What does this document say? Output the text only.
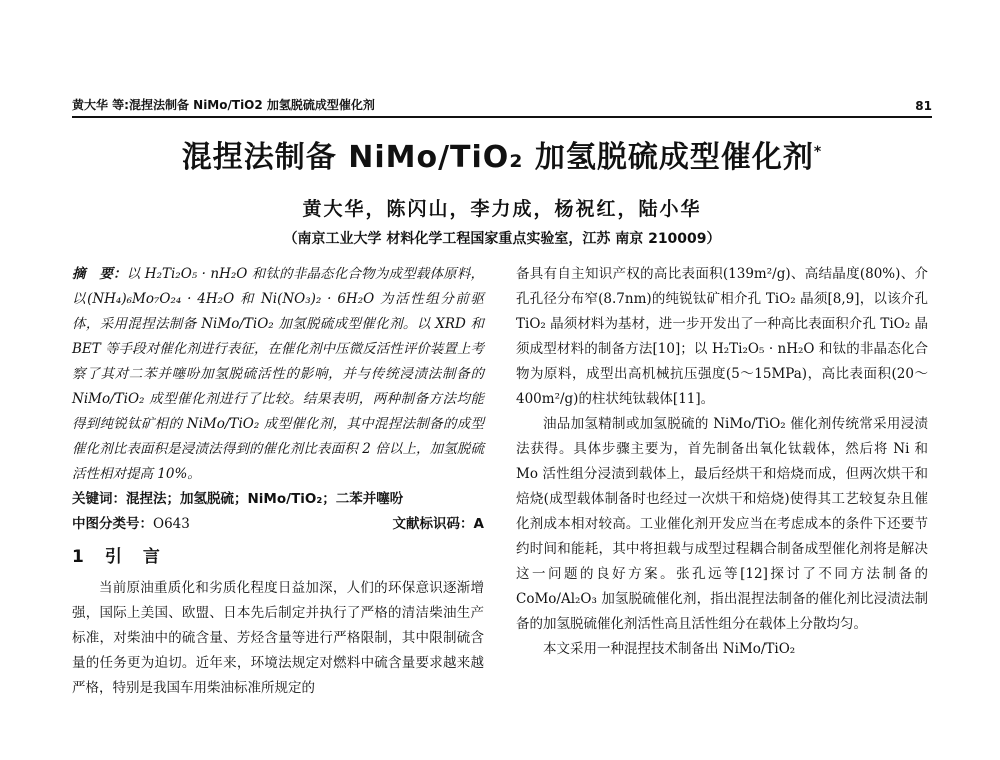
黄大华 等:混捏法制备 NiMo/TiO2 加氢脱硫成型催化剂	81
混捏法制备 NiMo/TiO₂ 加氢脱硫成型催化剂*
黄大华，陈闪山，李力成，杨祝红，陆小华
（南京工业大学 材料化学工程国家重点实验室，江苏 南京 210009）

摘　要：以 H₂Ti₂O₅ · nH₂O 和钛的非晶态化合物为成型载体原料，以(NH₄)₆Mo₇O₂₄ · 4H₂O 和 Ni(NO₃)₂ · 6H₂O 为活性组分前驱体，采用混捏法制备 NiMo/TiO₂ 加氢脱硫成型催化剂。以 XRD 和 BET 等手段对催化剂进行表征，在催化剂中压微反活性评价装置上考察了其对二苯并噻吩加氢脱硫活性的影响，并与传统浸渍法制备的 NiMo/TiO₂ 成型催化剂进行了比较。结果表明，两种制备方法均能得到纯锐钛矿相的 NiMo/TiO₂ 成型催化剂，其中混捏法制备的成型催化剂比表面积是浸渍法得到的催化剂比表面积 2 倍以上，加氢脱硫活性相对提高 10%。

关键词：混捏法；加氢脱硫；NiMo/TiO₂；二苯并噻吩

中图分类号：O643	文献标识码：A

1　引　言

当前原油重质化和劣质化程度日益加深，人们的环保意识逐渐增强，国际上美国、欧盟、日本先后制定并执行了严格的清洁柴油生产标准，对柴油中的硫含量、芳烃含量等进行严格限制，其中限制硫含量的任务更为迫切。近年来，环境法规定对燃料中硫含量要求越来越严格，特别是我国车用柴油标准所规定的

备具有自主知识产权的高比表面积(139m²/g)、高结晶度(80%)、介孔孔径分布窄(8.7nm)的纯锐钛矿相介孔 TiO₂ 晶须[8,9]，以该介孔 TiO₂ 晶须材料为基材，进一步开发出了一种高比表面积介孔 TiO₂ 晶须成型材料的制备方法[10]；以 H₂Ti₂O₅ · nH₂O 和钛的非晶态化合物为原料，成型出高机械抗压强度(5～15MPa)，高比表面积(20～400m²/g)的柱状纯钛载体[11]。

油品加氢精制或加氢脱硫的 NiMo/TiO₂ 催化剂传统常采用浸渍法获得。具体步骤主要为，首先制备出氧化钛载体，然后将 Ni 和 Mo 活性组分浸渍到载体上，最后经烘干和焙烧而成，但两次烘干和焙烧(成型载体制备时也经过一次烘干和焙烧)使得其工艺较复杂且催化剂成本相对较高。工业催化剂开发应当在考虑成本的条件下还要节约时间和能耗，其中将担载与成型过程耦合制备成型催化剂将是解决这一问题的良好方案。张孔远等[12]探讨了不同方法制备的 CoMo/Al₂O₃ 加氢脱硫催化剂，指出混捏法制备的催化剂比浸渍法制备的加氢脱硫催化剂活性高且活性组分在载体上分散均匀。

本文采用一种混捏技术制备出 NiMo/TiO₂
